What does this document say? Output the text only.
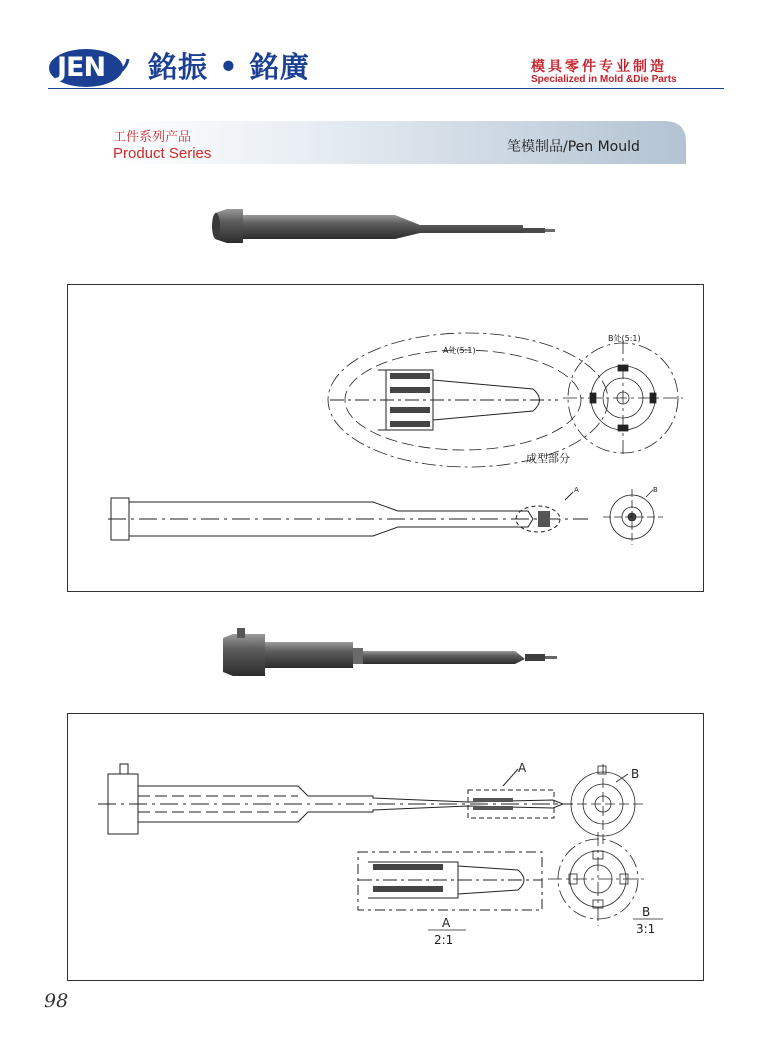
JEN 銘振 • 銘廣	模具零件专业制造
Specialized in Mold &Die Parts
工件系列产品
Product Series	笔模制品/Pen Mould
A处(5:1)
B处(5:1)
成型部分
A	B
A	B
A
2:1
B
3:1
98
